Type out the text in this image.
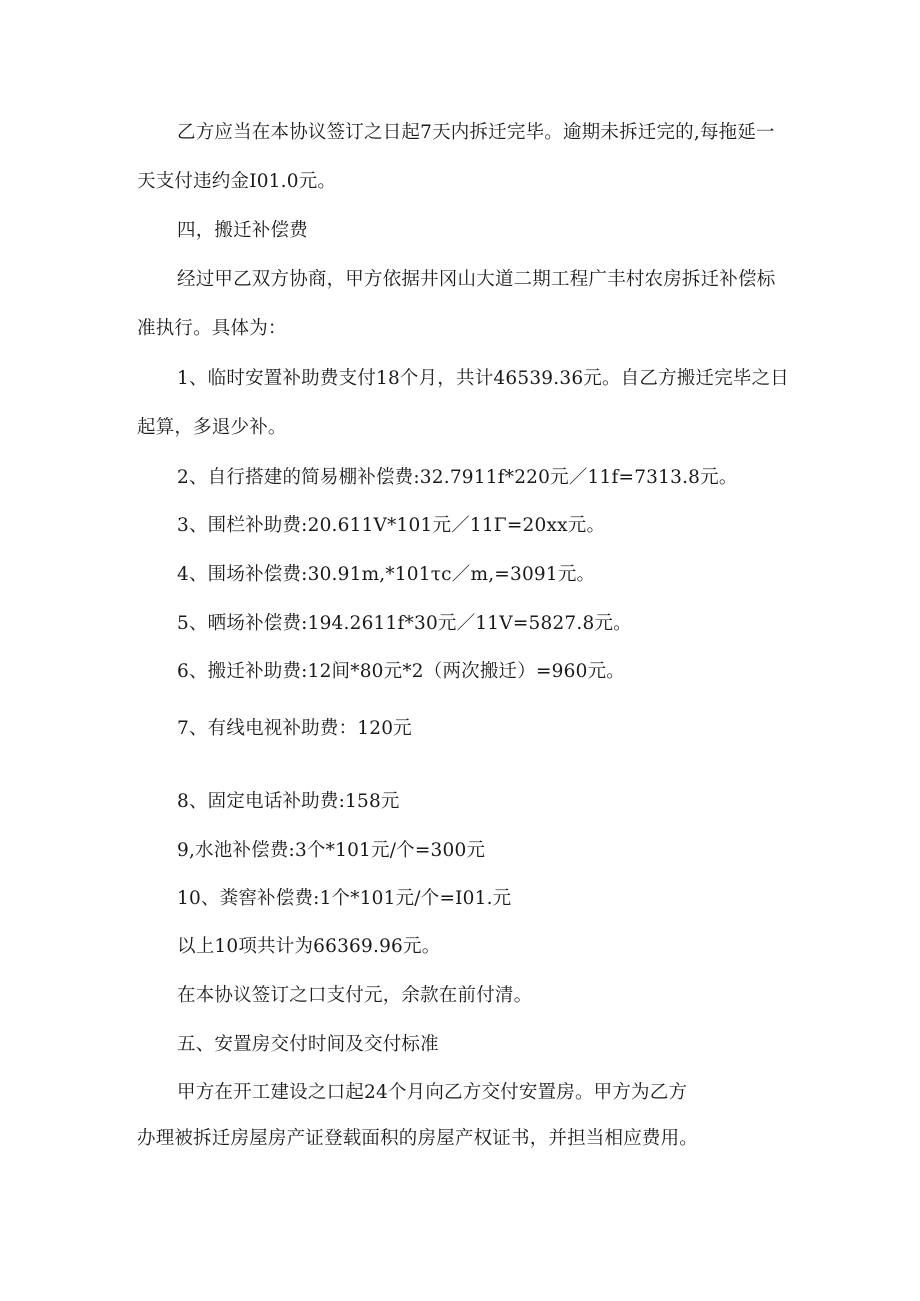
乙方应当在本协议签订之日起7天内拆迁完毕。逾期未拆迁完的,每拖延一
天支付违约金I01.0元。
四，搬迁补偿费
经过甲乙双方协商，甲方依据井冈山大道二期工程广丰村农房拆迁补偿标
准执行。具体为：
1、临时安置补助费支付18个月，共计46539.36元。自乙方搬迁完毕之日
起算，多退少补。
2、自行搭建的简易棚补偿费:32.7911f*220元／11f=7313.8元。
3、围栏补助费:20.611V*101元／11Γ=20xx元。
4、围场补偿费:30.91m,*101τc／m,=3091元。
5、晒场补偿费:194.2611f*30元／11V=5827.8元。
6、搬迁补助费:12间*80元*2（两次搬迁）=960元。
7、有线电视补助费：120元
8、固定电话补助费:158元
9,水池补偿费:3个*101元/个=300元
10、粪窖补偿费:1个*101元/个=I01.元
以上10项共计为66369.96元。
在本协议签订之口支付元，余款在前付清。
五、安置房交付时间及交付标准
甲方在开工建设之口起24个月向乙方交付安置房。甲方为乙方
办理被拆迁房屋房产证登载面积的房屋产权证书，并担当相应费用。
